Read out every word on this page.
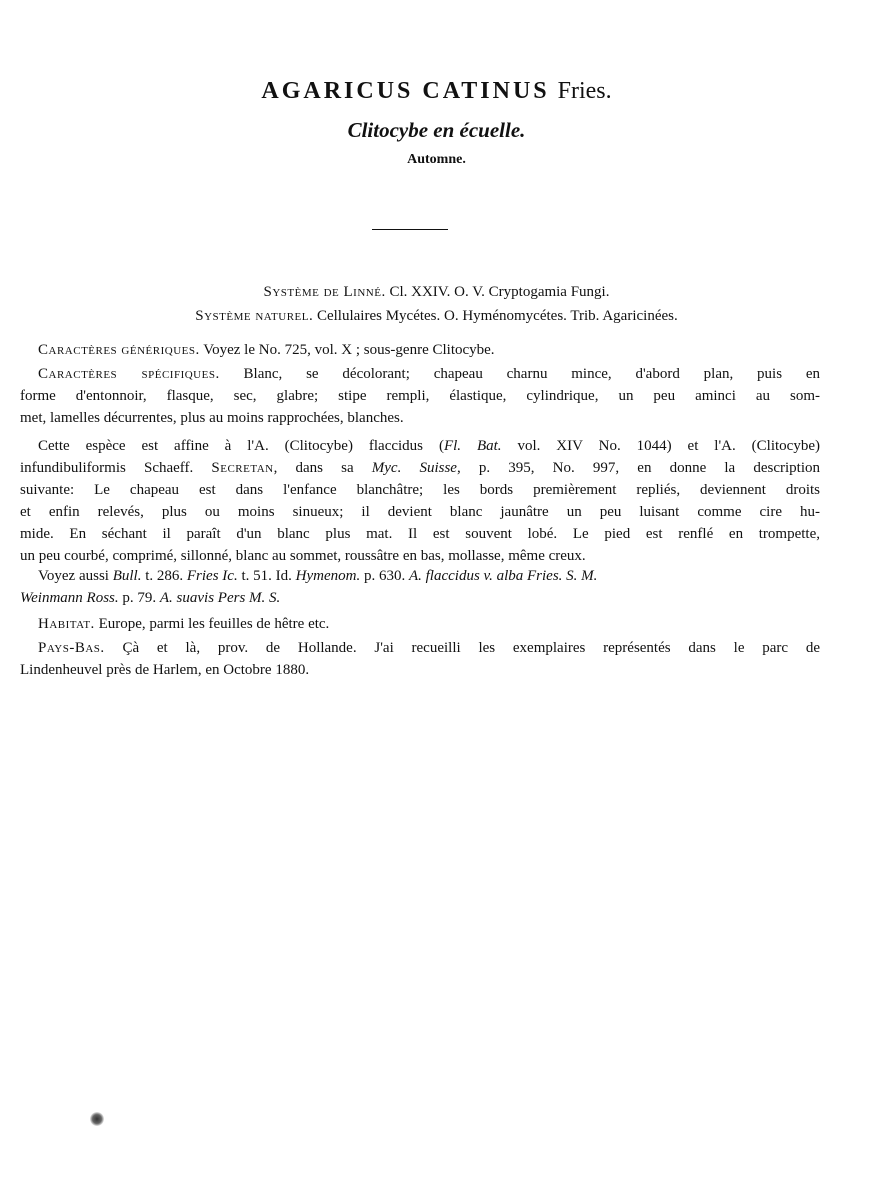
AGARICUS CATINUS Fries.
Clitocybe en écuelle.
Automne.
Système de Linné. Cl. XXIV. O. V. Cryptogamia Fungi.
Système naturel. Cellulaires Mycétes. O. Hyménomycétes. Trib. Agaricinées.
Caractères génériques. Voyez le No. 725, vol. X ; sous-genre Clitocybe.
Caractères spécifiques. Blanc, se décolorant; chapeau charnu mince, d'abord plan, puis en
forme d'entonnoir, flasque, sec, glabre; stipe rempli, élastique, cylindrique, un peu aminci au som-
met, lamelles décurrentes, plus au moins rapprochées, blanches.
Cette espèce est affine à l'A. (Clitocybe) flaccidus (Fl. Bat. vol. XIV No. 1044) et l'A. (Clitocybe)
infundibuliformis Schaeff. Secretan, dans sa Myc. Suisse, p. 395, No. 997, en donne la description
suivante: Le chapeau est dans l'enfance blanchâtre; les bords premièrement repliés, deviennent droits
et enfin relevés, plus ou moins sinueux; il devient blanc jaunâtre un peu luisant comme cire hu-
mide. En séchant il paraît d'un blanc plus mat. Il est souvent lobé. Le pied est renflé en trompette,
un peu courbé, comprimé, sillonné, blanc au sommet, roussâtre en bas, mollasse, même creux.
Voyez aussi Bull. t. 286. Fries Ic. t. 51. Id. Hymenom. p. 630. A. flaccidus v. alba Fries. S. M.
Weinmann Ross. p. 79. A. suavis Pers M. S.
Habitat. Europe, parmi les feuilles de hêtre etc.
Pays-Bas. Çà et là, prov. de Hollande. J'ai recueilli les exemplaires représentés dans le parc de
Lindenheuvel près de Harlem, en Octobre 1880.
